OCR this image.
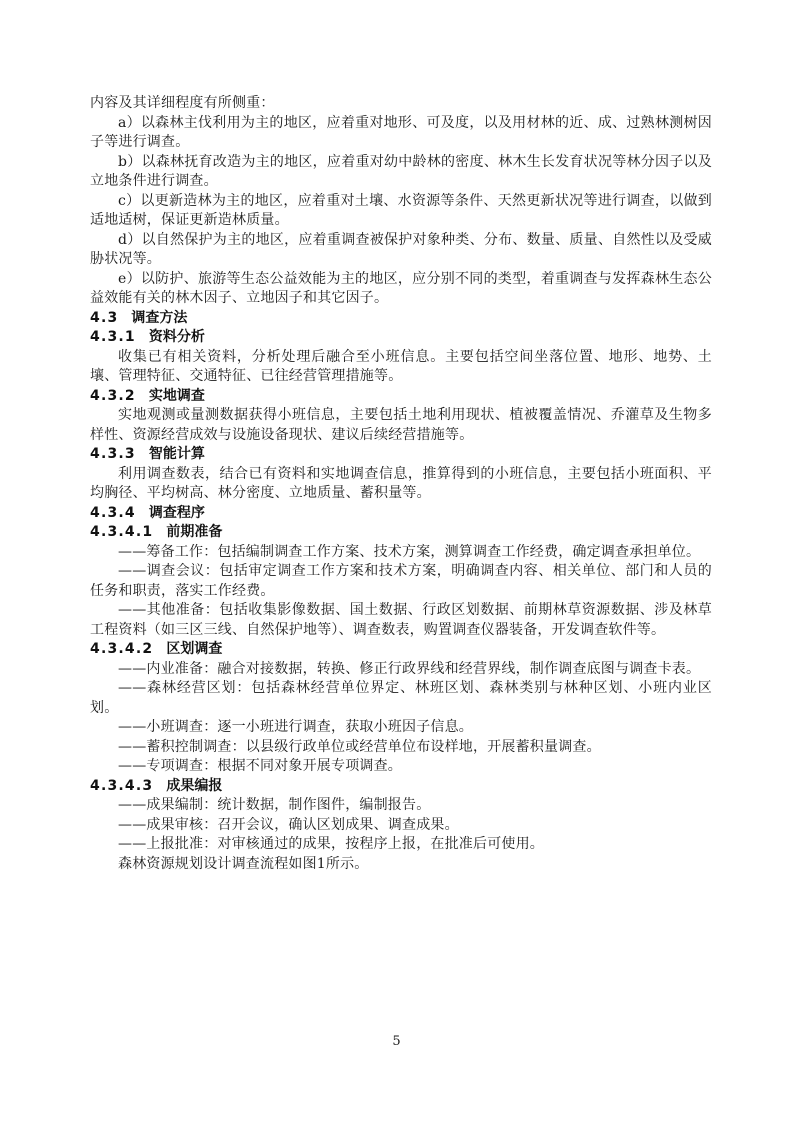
内容及其详细程度有所侧重：

a）以森林主伐利用为主的地区，应着重对地形、可及度，以及用材林的近、成、过熟林测树因子等进行调查。

b）以森林抚育改造为主的地区，应着重对幼中龄林的密度、林木生长发育状况等林分因子以及立地条件进行调查。

c）以更新造林为主的地区，应着重对土壤、水资源等条件、天然更新状况等进行调查，以做到适地适树，保证更新造林质量。

d）以自然保护为主的地区，应着重调查被保护对象种类、分布、数量、质量、自然性以及受威胁状况等。

e）以防护、旅游等生态公益效能为主的地区，应分别不同的类型，着重调查与发挥森林生态公益效能有关的林木因子、立地因子和其它因子。

4.3 调查方法
4.3.1 资料分析

收集已有相关资料，分析处理后融合至小班信息。主要包括空间坐落位置、地形、地势、土壤、管理特征、交通特征、已往经营管理措施等。

4.3.2 实地调查

实地观测或量测数据获得小班信息，主要包括土地利用现状、植被覆盖情况、乔灌草及生物多样性、资源经营成效与设施设备现状、建议后续经营措施等。

4.3.3 智能计算

利用调查数表，结合已有资料和实地调查信息，推算得到的小班信息，主要包括小班面积、平均胸径、平均树高、林分密度、立地质量、蓄积量等。

4.3.4 调查程序
4.3.4.1 前期准备

——筹备工作：包括编制调查工作方案、技术方案，测算调查工作经费，确定调查承担单位。

——调查会议：包括审定调查工作方案和技术方案，明确调查内容、相关单位、部门和人员的任务和职责，落实工作经费。

——其他准备：包括收集影像数据、国土数据、行政区划数据、前期林草资源数据、涉及林草工程资料（如三区三线、自然保护地等）、调查数表，购置调查仪器装备，开发调查软件等。

4.3.4.2 区划调查

——内业准备：融合对接数据，转换、修正行政界线和经营界线，制作调查底图与调查卡表。

——森林经营区划：包括森林经营单位界定、林班区划、森林类别与林种区划、小班内业区划。

——小班调查：逐一小班进行调查，获取小班因子信息。

——蓄积控制调查：以县级行政单位或经营单位布设样地，开展蓄积量调查。

——专项调查：根据不同对象开展专项调查。

4.3.4.3 成果编报

——成果编制：统计数据，制作图件，编制报告。

——成果审核：召开会议，确认区划成果、调查成果。

——上报批准：对审核通过的成果，按程序上报，在批准后可使用。

森林资源规划设计调查流程如图1所示。

5
